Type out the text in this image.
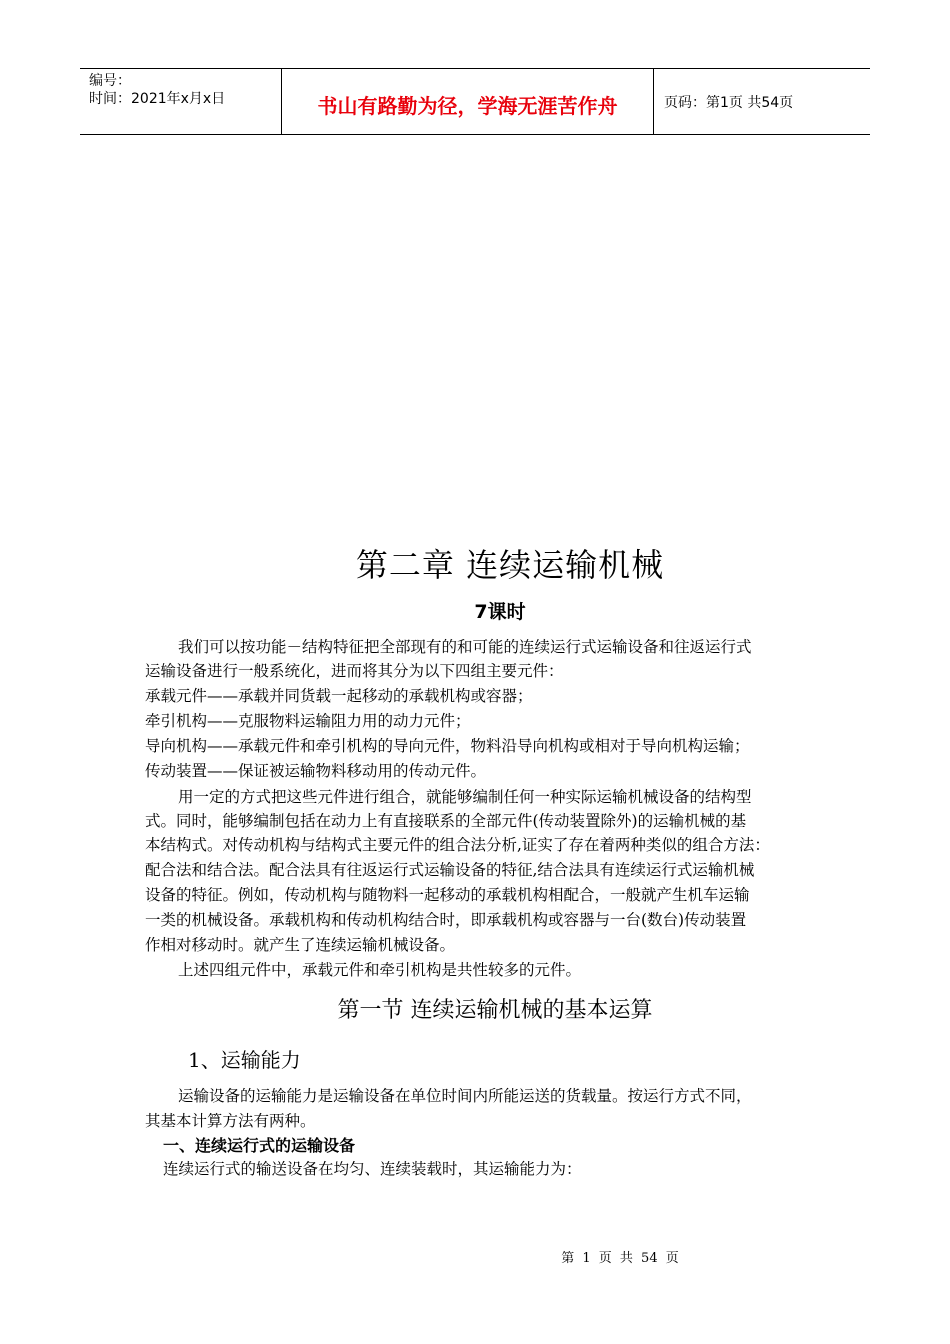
编号：
时间：2021年x月x日	书山有路勤为径，学海无涯苦作舟	页码：第1页 共54页
第二章 连续运输机械
7课时
我们可以按功能－结构特征把全部现有的和可能的连续运行式运输设备和往返运行式
运输设备进行一般系统化，进而将其分为以下四组主要元件：
承载元件——承载并同货载一起移动的承载机构或容器；
牵引机构——克服物料运输阻力用的动力元件；
导向机构——承载元件和牵引机构的导向元件，物料沿导向机构或相对于导向机构运输；
传动装置——保证被运输物料移动用的传动元件。
用一定的方式把这些元件进行组合，就能够编制任何一种实际运输机械设备的结构型
式。同时，能够编制包括在动力上有直接联系的全部元件(传动装置除外)的运输机械的基
本结构式。对传动机构与结构式主要元件的组合法分析,证实了存在着两种类似的组合方法：
配合法和结合法。配合法具有往返运行式运输设备的特征,结合法具有连续运行式运输机械
设备的特征。例如，传动机构与随物料一起移动的承载机构相配合，一般就产生机车运输
一类的机械设备。承载机构和传动机构结合时，即承载机构或容器与一台(数台)传动装置
作相对移动时。就产生了连续运输机械设备。
上述四组元件中，承载元件和牵引机构是共性较多的元件。
第一节 连续运输机械的基本运算
1、运输能力
运输设备的运输能力是运输设备在单位时间内所能运送的货载量。按运行方式不同，
其基本计算方法有两种。
一、连续运行式的运输设备
连续运行式的输送设备在均匀、连续装载时，其运输能力为：
第 1 页 共 54 页
